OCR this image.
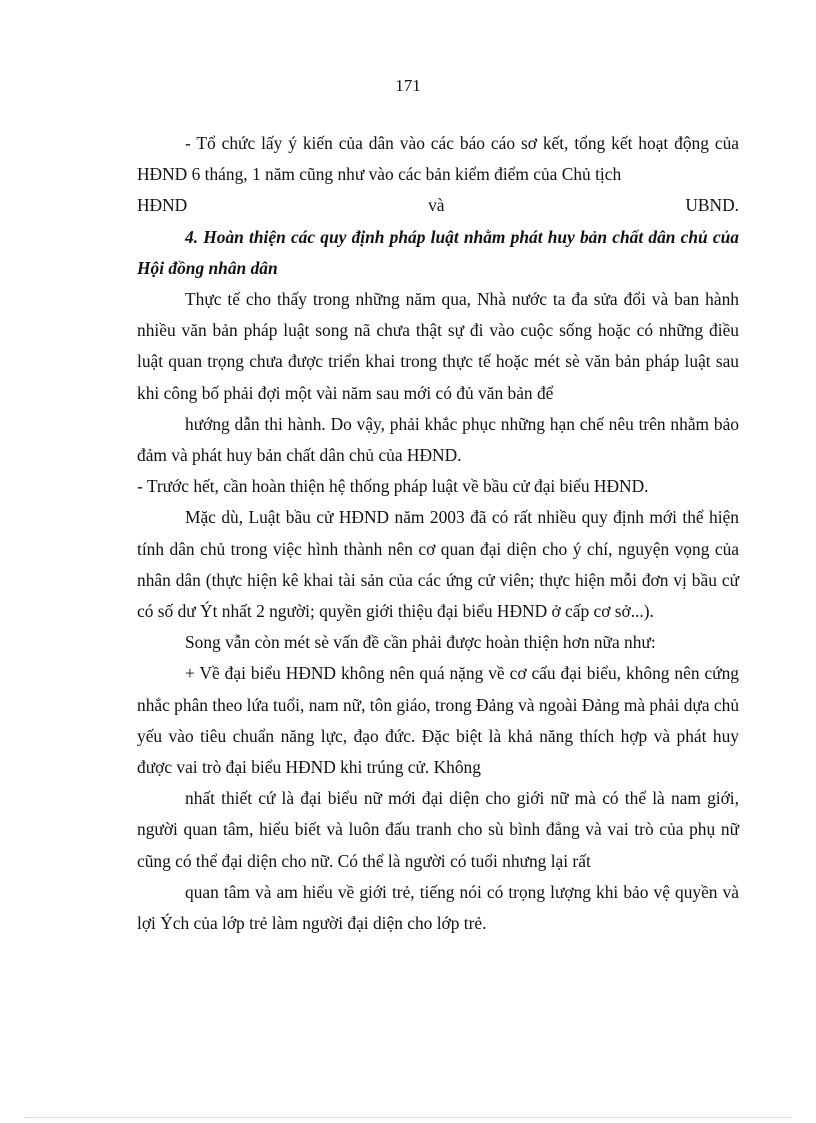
171

- Tổ chức lấy ý kiến của dân vào các báo cáo sơ kết, tổng kết hoạt động của HĐND 6 tháng, 1 năm cũng như vào các bản kiểm điểm của Chủ tịch

HĐND	và	UBND.

4. Hoàn thiện các quy định pháp luật nhằm phát huy bản chất dân chủ của Hội đồng nhân dân

Thực tế cho thấy trong những năm qua, Nhà nước ta đa sửa đổi và ban hành nhiều văn bản pháp luật song nã chưa thật sự đi vào cuộc sống hoặc có những điều luật quan trọng chưa được triển khai trong thực tế hoặc mét sè văn bản pháp luật sau khi công bố phải đợi một vài năm sau mới có đủ văn bản để

hướng dẫn thi hành. Do vậy, phải khắc phục những hạn chế nêu trên nhằm bảo đảm và phát huy bản chất dân chủ của HĐND.

- Trước hết, cần hoàn thiện hệ thống pháp luật về bầu cử đại biểu HĐND.

Mặc dù, Luật bầu cử HĐND năm 2003 đã có rất nhiều quy định mới thể hiện tính dân chủ trong việc hình thành nên cơ quan đại diện cho ý chí, nguyện vọng của nhân dân (thực hiện kê khai tài sản của các ứng cử viên; thực hiện mỗi đơn vị bầu cử có số dư Ýt nhất 2 người; quyền giới thiệu đại biểu HĐND ở cấp cơ sở...).

Song vẫn còn mét sè vấn đề cần phải được hoàn thiện hơn nữa như:

+ Về đại biểu HĐND không nên quá nặng về cơ cấu đại biểu, không nên cứng nhắc phân theo lứa tuổi, nam nữ, tôn giáo, trong Đảng và ngoài Đảng mà phải dựa chủ yếu vào tiêu chuẩn năng lực, đạo đức. Đặc biệt là khả năng thích hợp và phát huy được vai trò đại biểu HĐND khi trúng cử. Không

nhất thiết cứ là đại biểu nữ mới đại diện cho giới nữ mà có thể là nam giới, người quan tâm, hiểu biết và luôn đấu tranh cho sù bình đẳng và vai trò của phụ nữ cũng có thể đại diện cho nữ. Có thể là người có tuổi nhưng lại rất

quan tâm và am hiểu về giới trẻ, tiếng nói có trọng lượng khi bảo vệ quyền và lợi Ých của lớp trẻ làm người đại diện cho lớp trẻ.
